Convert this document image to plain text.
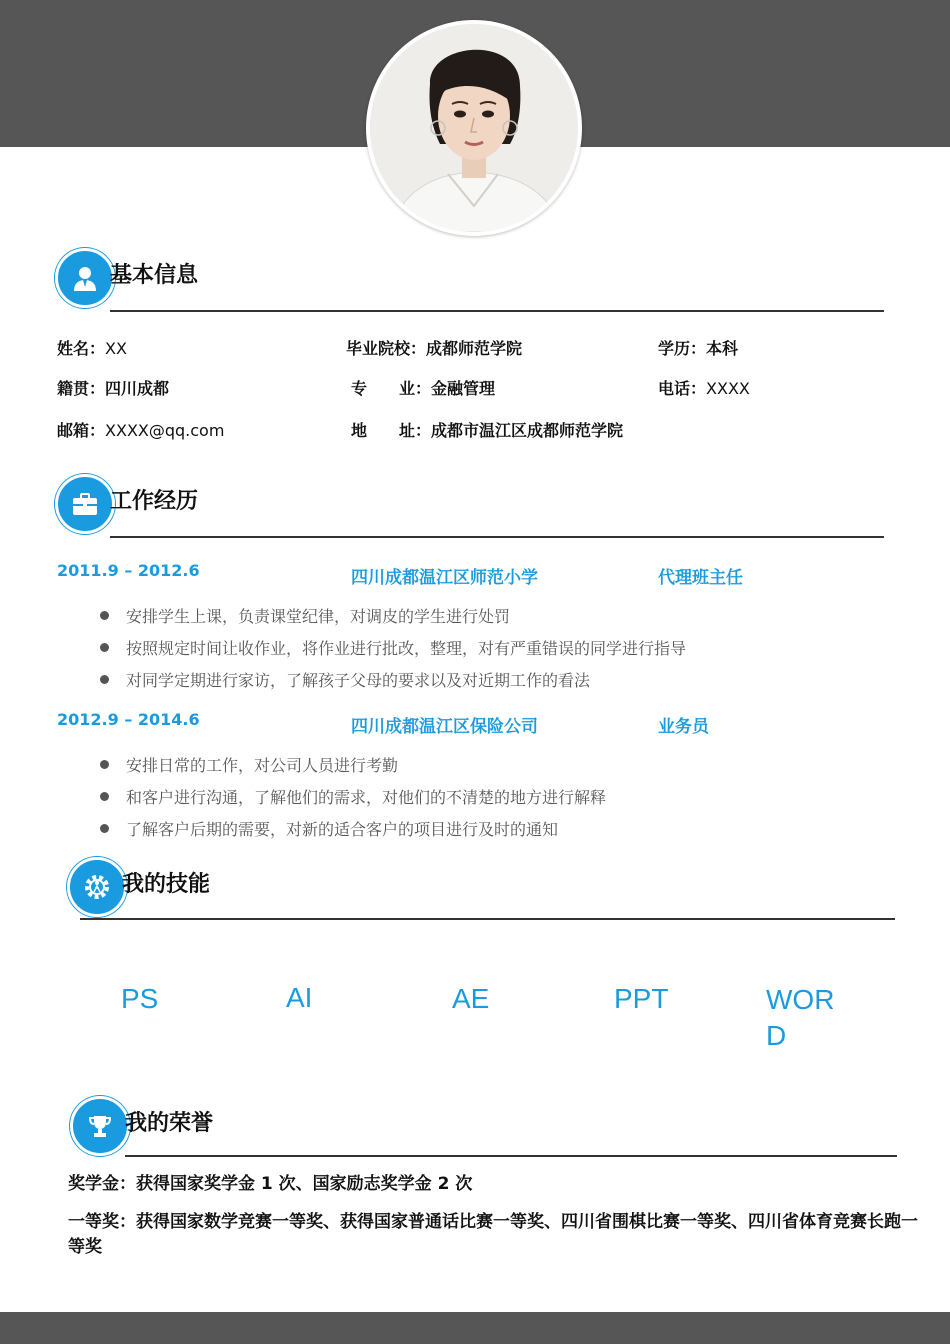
基本信息
姓名：XX	毕业院校：成都师范学院	学历：本科
籍贯：四川成都	专　　业：金融管理	电话：XXXX
邮箱：XXXX@qq.com	地　　址：成都市温江区成都师范学院
工作经历
2011.9 – 2012.6	四川成都温江区师范小学	代理班主任
安排学生上课，负责课堂纪律，对调皮的学生进行处罚
按照规定时间让收作业，将作业进行批改，整理，对有严重错误的同学进行指导
对同学定期进行家访，了解孩子父母的要求以及对近期工作的看法
2012.9 – 2014.6	四川成都温江区保险公司	业务员
安排日常的工作，对公司人员进行考勤
和客户进行沟通，了解他们的需求，对他们的不清楚的地方进行解释
了解客户后期的需要，对新的适合客户的项目进行及时的通知
我的技能
PS	AI	AE	PPT	WORD
我的荣誉
奖学金：获得国家奖学金 1 次、国家励志奖学金 2 次
一等奖：获得国家数学竞赛一等奖、获得国家普通话比赛一等奖、四川省围棋比赛一等奖、四川省体育竞赛长跑一等奖
